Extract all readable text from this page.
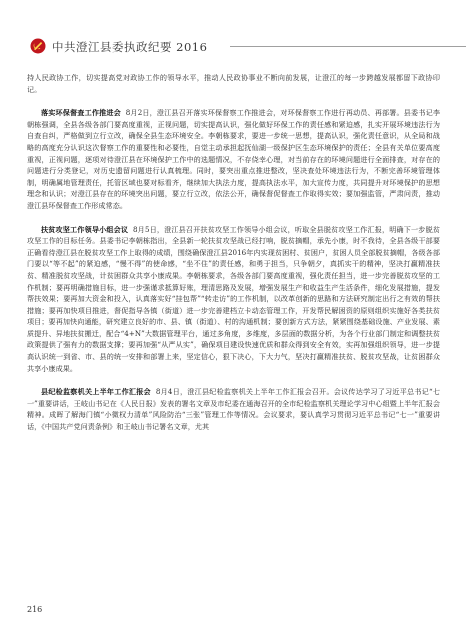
中共澄江县委执政纪要 2016

持人民政协工作，切实提高党对政协工作的领导水平，推动人民政协事业不断向前发展，让澄江的每一步跨越发展都留下政协印记。

落实环保督查工作推进会 8月2日，澄江县召开落实环保督察工作推进会，对环保督察工作进行再动员、再部署。县委书记李朝栋强调，全县各级各部门要高度重视，正视问题，切实提高认识，强化做好环保工作的责任感和紧迫感，扎实开展环境违法行为自查自纠，严格做到立行立改，确保全县生态环境安全。李朝栋要求，要进一步统一思想，提高认识，强化责任意识，从全局和战略的高度充分认识这次督察工作的重要性和必要性，自觉主动承担起抚仙湖一级保护区生态环境保护的责任；全县有关单位要高度重视，正视问题，逐项对待澄江县在环境保护工作中的选题情况，不存侥幸心理，对当前存在的环境问题进行全面排查，对存在的问题进行分类登记，对历史遗留问题进行认真梳理。同时，要突出重点推进整改，坚决查处环境违法行为，不断完善环境管理体制，明确属地管理责任，托管区域也要对标看齐，继续加大执法力度，提高执法水平，加大宣传力度，共同提升对环境保护的思想理念和认识；对澄江县存在的环境突出问题，要立行立改，依法公开，确保督促督查工作取得实效；要加强监管，严肃问责，推动澄江县环保督查工作形成常态。

扶贫攻坚工作领导小组会议 8月5日，澄江县召开扶贫攻坚工作领导小组会议，听取全县脱贫攻坚工作汇报，明确下一步脱贫攻坚工作的目标任务。县委书记李朝栋指出，全县新一轮扶贫攻坚战已经打响，脱贫摘帽，承先小康，时不我待，全县各级干部要正确看待澄江县在脱贫攻坚工作上取得的成绩，围绕确保澄江县2016年内实现贫困村、贫困户，贫困人员全部脱贫摘帽，各级各部门要以“等不起”的紧迫感，“慢不得”的使命感，“坐不住”的责任感，和勇于担当，只争朝夕，真抓实干的精神，坚决打赢精准扶贫、精准脱贫攻坚战，计贫困群众共享小康成果。李朝栋要求，各级各部门要高度重视，强化责任担当，进一步完善脱贫攻坚的工作机制；要再明确措施目标，进一步强谨求抵算好账，理清思路及发展，增强发展生产和收益生产生活条件，细化发展措施，提发帮扶效果；要再加大资金和投入，认真落实好“挂包帮”“转走访”的工作机制，以改革创新的思路和方法研究制定出行之有效的帮扶措施；要再加快项目推进，督促指导各镇（街道）进一步完善建档立卡动态管理工作，开发帮民解困资的原则组织实施好各类扶贫项目；要再加快向通能，研究建立良好的市、县、镇（街道）、村的沟通机制；要创新方式方法，紧紧围绕基础设施、产业发展、素质提升、异地扶贫搬迁，配合“4+N”大数据管理平台，通过多角度，多维度，多层面的数据分析，为各个行业部门制定和调整扶贫政策提供了强有力的数据支撑；要再加强“从严从实”，确保项目建设快速优质和群众得到安全有效，实再加强组织领导，进一步提高认识统一到省、市、县的统一安排和部署上来，坚定信心，狠下决心，下大力气，坚决打赢精准扶贫、脱贫攻坚战，让贫困群众共享小康成果。

县纪检监察机关上半年工作汇报会 8月4日，澄江县纪检监察机关上半年工作汇报会召开。会议传达学习了习近平总书记“七一”重要讲话，王岐山书记在《人民日报》发表的署名文章及市纪委在通海召开的全市纪检监察机关理论学习中心组暨上半年汇报会精神。成晖了解海门镇“小微权力清单”风险防治“三张”管理工作等情况。会议要求，要认真学习贯彻习近平总书记“七一”重要讲话，《中国共产党问责条例》和王岐山书记署名文章，尤其

216
